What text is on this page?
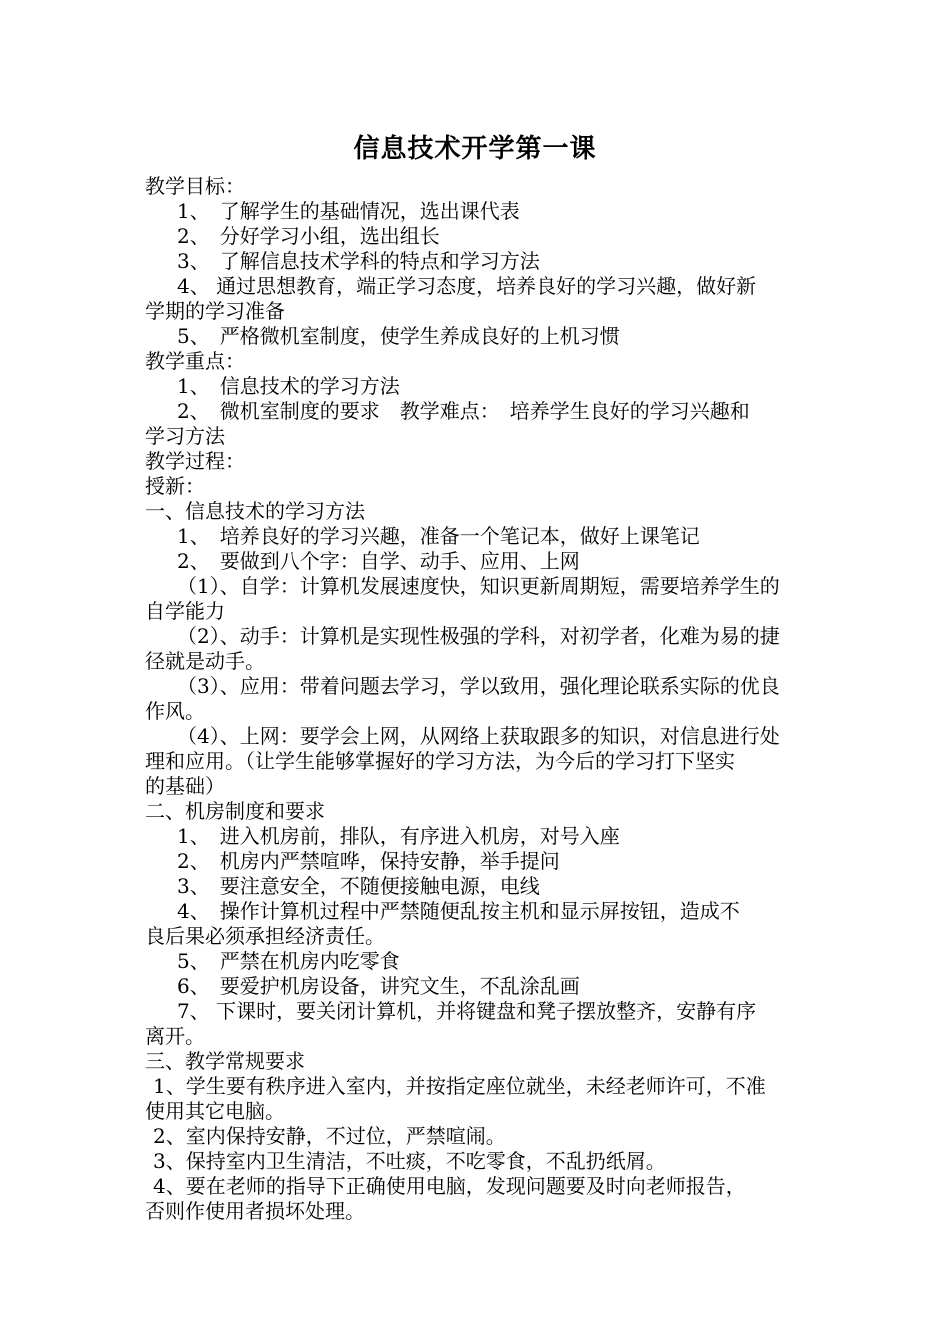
信息技术开学第一课
教学目标：
1、　了解学生的基础情况，选出课代表
2、　分好学习小组，选出组长
3、　了解信息技术学科的特点和学习方法
4、 通过思想教育，端正学习态度，培养良好的学习兴趣，做好新
学期的学习准备
5、　严格微机室制度，使学生养成良好的上机习惯
教学重点：
1、　信息技术的学习方法
2、　微机室制度的要求　教学难点：　培养学生良好的学习兴趣和
学习方法
教学过程：
授新：
一、信息技术的学习方法
1、　培养良好的学习兴趣，准备一个笔记本，做好上课笔记
2、　要做到八个字：自学、动手、应用、上网
（1）、自学：计算机发展速度快，知识更新周期短，需要培养学生的
自学能力
（2）、动手：计算机是实现性极强的学科，对初学者，化难为易的捷
径就是动手。
（3）、应用：带着问题去学习，学以致用，强化理论联系实际的优良
作风。
（4）、上网：要学会上网，从网络上获取跟多的知识，对信息进行处
理和应用。（让学生能够掌握好的学习方法，为今后的学习打下坚实
的基础）
二、机房制度和要求
1、　进入机房前，排队，有序进入机房，对号入座
2、　机房内严禁喧哗，保持安静，举手提问
3、　要注意安全，不随便接触电源，电线
4、　操作计算机过程中严禁随便乱按主机和显示屏按钮，造成不
良后果必须承担经济责任。
5、　严禁在机房内吃零食
6、　要爱护机房设备，讲究文生，不乱涂乱画
7、 下课时，要关闭计算机，并将键盘和凳子摆放整齐，安静有序
离开。
三、教学常规要求
1、学生要有秩序进入室内，并按指定座位就坐，未经老师许可，不准
使用其它电脑。
2、室内保持安静，不过位，严禁喧闹。
3、保持室内卫生清洁，不吐痰，不吃零食，不乱扔纸屑。
4、要在老师的指导下正确使用电脑，发现问题要及时向老师报告，
否则作使用者损坏处理。
